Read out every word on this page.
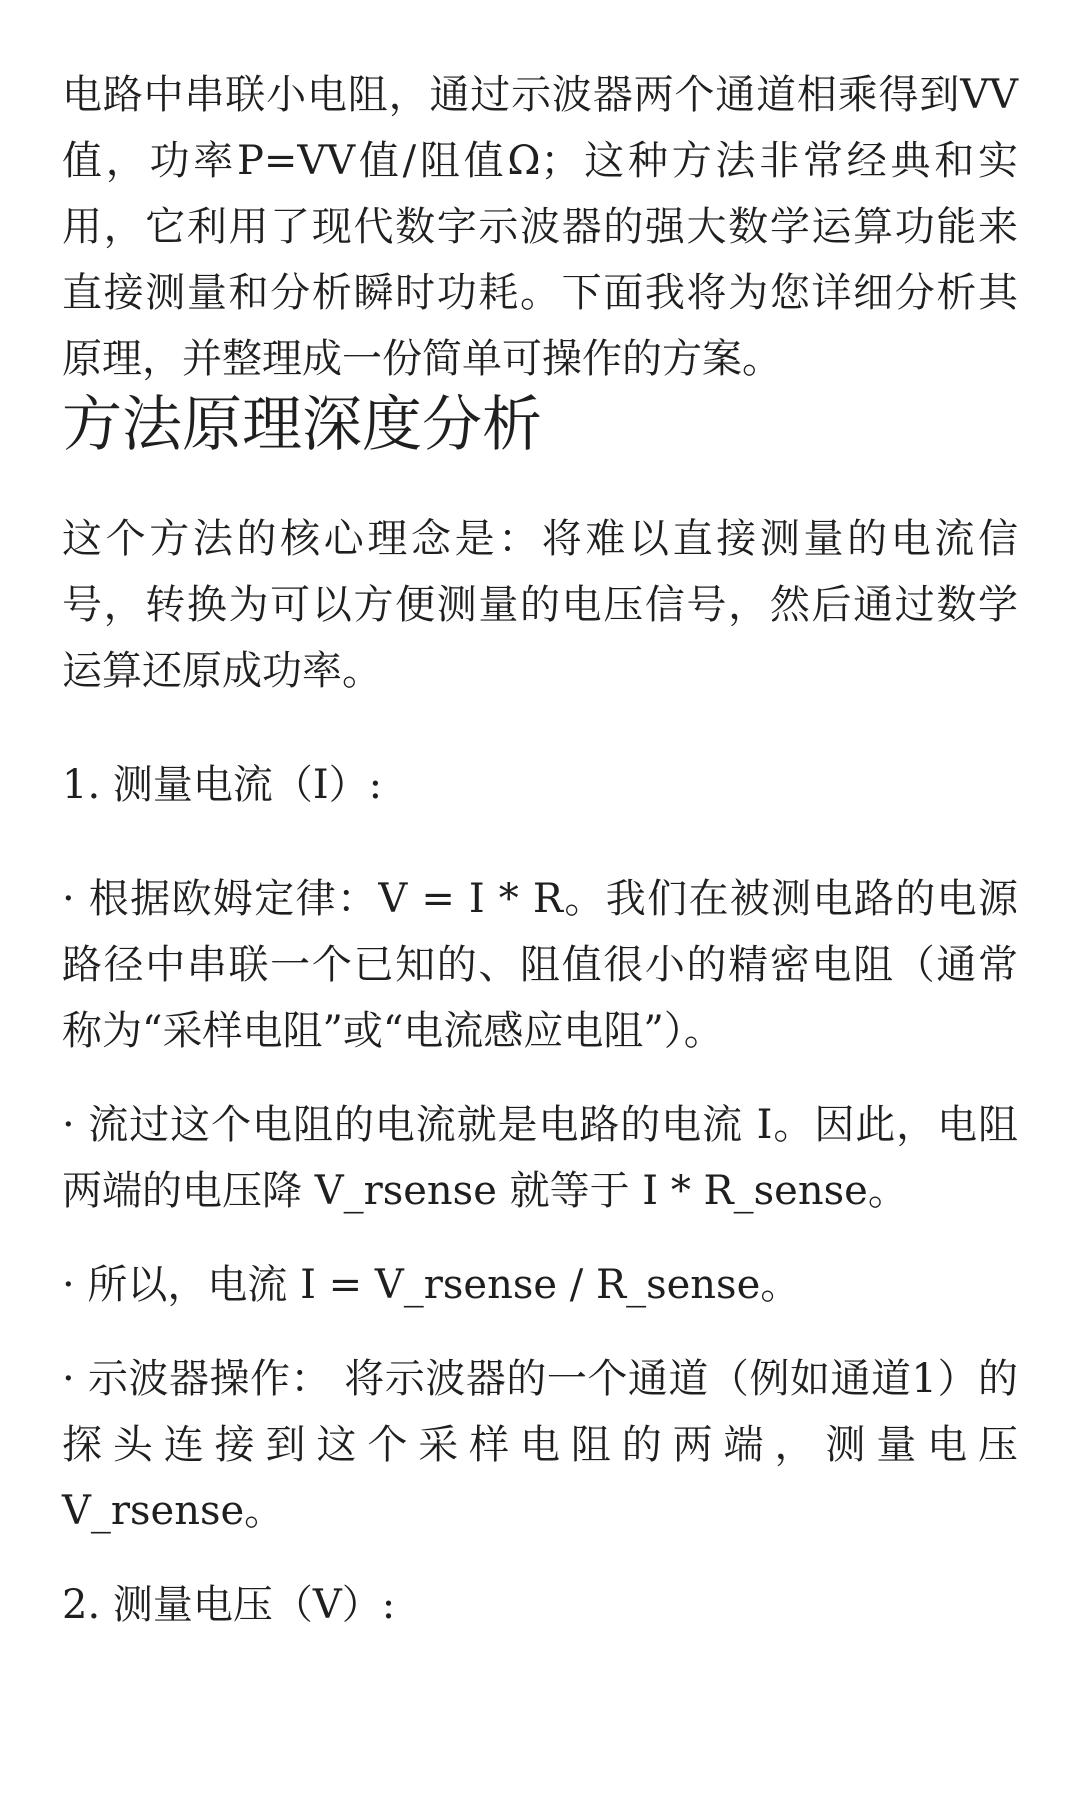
电路中串联小电阻，通过示波器两个通道相乘得到VV值，功率P=VV值/阻值Ω；这种方法非常经典和实用，它利用了现代数字示波器的强大数学运算功能来直接测量和分析瞬时功耗。下面我将为您详细分析其原理，并整理成一份简单可操作的方案。

方法原理深度分析

这个方法的核心理念是：将难以直接测量的电流信号，转换为可以方便测量的电压信号，然后通过数学运算还原成功率。

1. 测量电流（I）:

· 根据欧姆定律：V = I * R。我们在被测电路的电源路径中串联一个已知的、阻值很小的精密电阻（通常称为“采样电阻”或“电流感应电阻”）。

· 流过这个电阻的电流就是电路的电流 I。因此，电阻两端的电压降 V_rsense 就等于 I * R_sense。

· 所以，电流 I = V_rsense / R_sense。

· 示波器操作： 将示波器的一个通道（例如通道1）的探头连接到这个采样电阻的两端，测量电压 V_rsense。

2. 测量电压（V）:
